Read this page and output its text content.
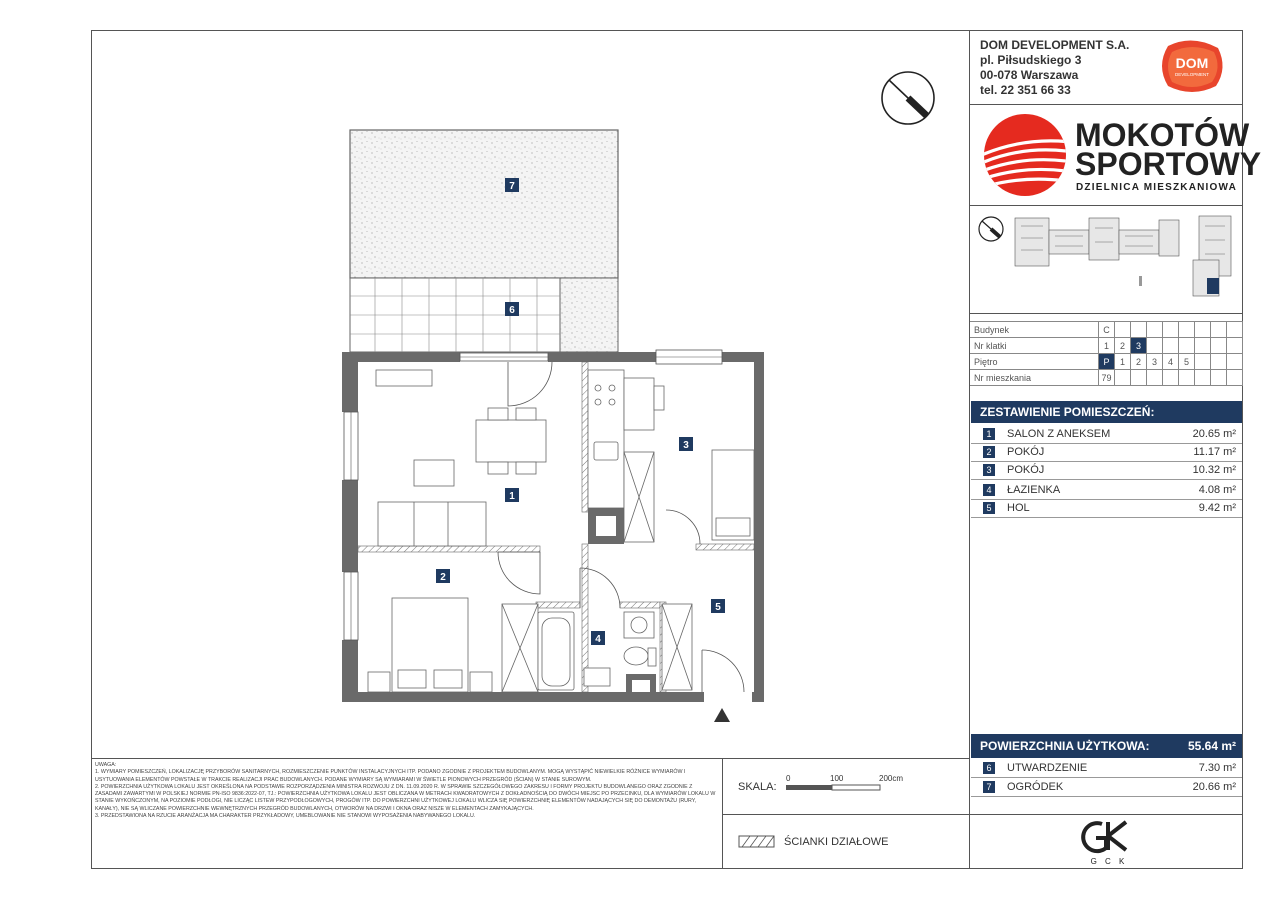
DOM DEVELOPMENT S.A.
pl. Piłsudskiego 3
00-078 Warszawa
tel. 22 351 66 33
DOM
DEVELOPMENT
MOKOTÓW
SPORTOWY
DZIELNICA MIESZKANIOWA
Budynek	C								
Nr klatki	1	2	3						
Piętro	P	1	2	3	4	5			
Nr mieszkania	79								
ZESTAWIENIE POMIESZCZEŃ:
1	SALON Z ANEKSEM	20.65 m²
2	POKÓJ	11.17 m²
3	POKÓJ	10.32 m²
4	ŁAZIENKA	4.08 m²
5	HOL	9.42 m²
POWIERZCHNIA UŻYTKOWA:	55.64 m²
6	UTWARDZENIE	7.30 m²
7	OGRÓDEK	20.66 m²
G C K

UWAGA:

1. WYMIARY POMIESZCZEŃ, LOKALIZACJĘ PRZYBORÓW SANITARNYCH, ROZMIESZCZENIE PUNKTÓW INSTALACYJNYCH ITP. PODANO ZGODNIE Z PROJEKTEM BUDOWLANYM. MOGĄ WYSTĄPIĆ NIEWIELKIE RÓŻNICE WYMIARÓW I USYTUOWANIA ELEMENTÓW POWSTAŁE W TRAKCIE REALIZACJI PRAC BUDOWLANYCH. PODANE WYMIARY SĄ WYMIARAMI W ŚWIETLE PIONOWYCH PRZEGRÓD (ŚCIAN) W STANIE SUROWYM.

2. POWIERZCHNIA UŻYTKOWA LOKALU JEST OKREŚLONA NA PODSTAWIE ROZPORZĄDZENIA MINISTRA ROZWOJU Z DN. 11.09.2020 R. W SPRAWIE SZCZEGÓŁOWEGO ZAKRESU I FORMY PROJEKTU BUDOWLANEGO ORAZ ZGODNIE Z ZASADAMI ZAWARTYMI W POLSKIEJ NORMIE PN-ISO 9836:2022-07, TJ.: POWIERZCHNIA UŻYTKOWA LOKALU JEST OBLICZANA W METRACH KWADRATOWYCH Z DOKŁADNOŚCIĄ DO DWÓCH MIEJSC PO PRZECINKU, DLA WYMIARÓW LOKALU W STANIE WYKOŃCZONYM, NA POZIOMIE PODŁOGI, NIE LICZĄC LISTEW PRZYPODŁOGOWYCH, PROGÓW ITP. DO POWIERZCHNI UŻYTKOWEJ LOKALU WLICZA SIĘ POWIERZCHNIĘ ELEMENTÓW NADAJĄCYCH SIĘ DO DEMONTAŻU (RURY, KANAŁY), NIE SĄ WLICZANE POWIERZCHNIE WEWNĘTRZNYCH PRZEGRÓD BUDOWLANYCH, OTWORÓW NA DRZWI I OKNA ORAZ NISZE W ELEMENTACH ZAMYKAJĄCYCH.

3. PRZEDSTAWIONA NA RZUCIE ARANŻACJA MA CHARAKTER PRZYKŁADOWY, UMEBLOWANIE NIE STANOWI WYPOSAŻENIA NABYWANEGO LOKALU.

SKALA:
0	100	200cm
ŚCIANKI DZIAŁOWE
7
6
1
2
3
4
5
